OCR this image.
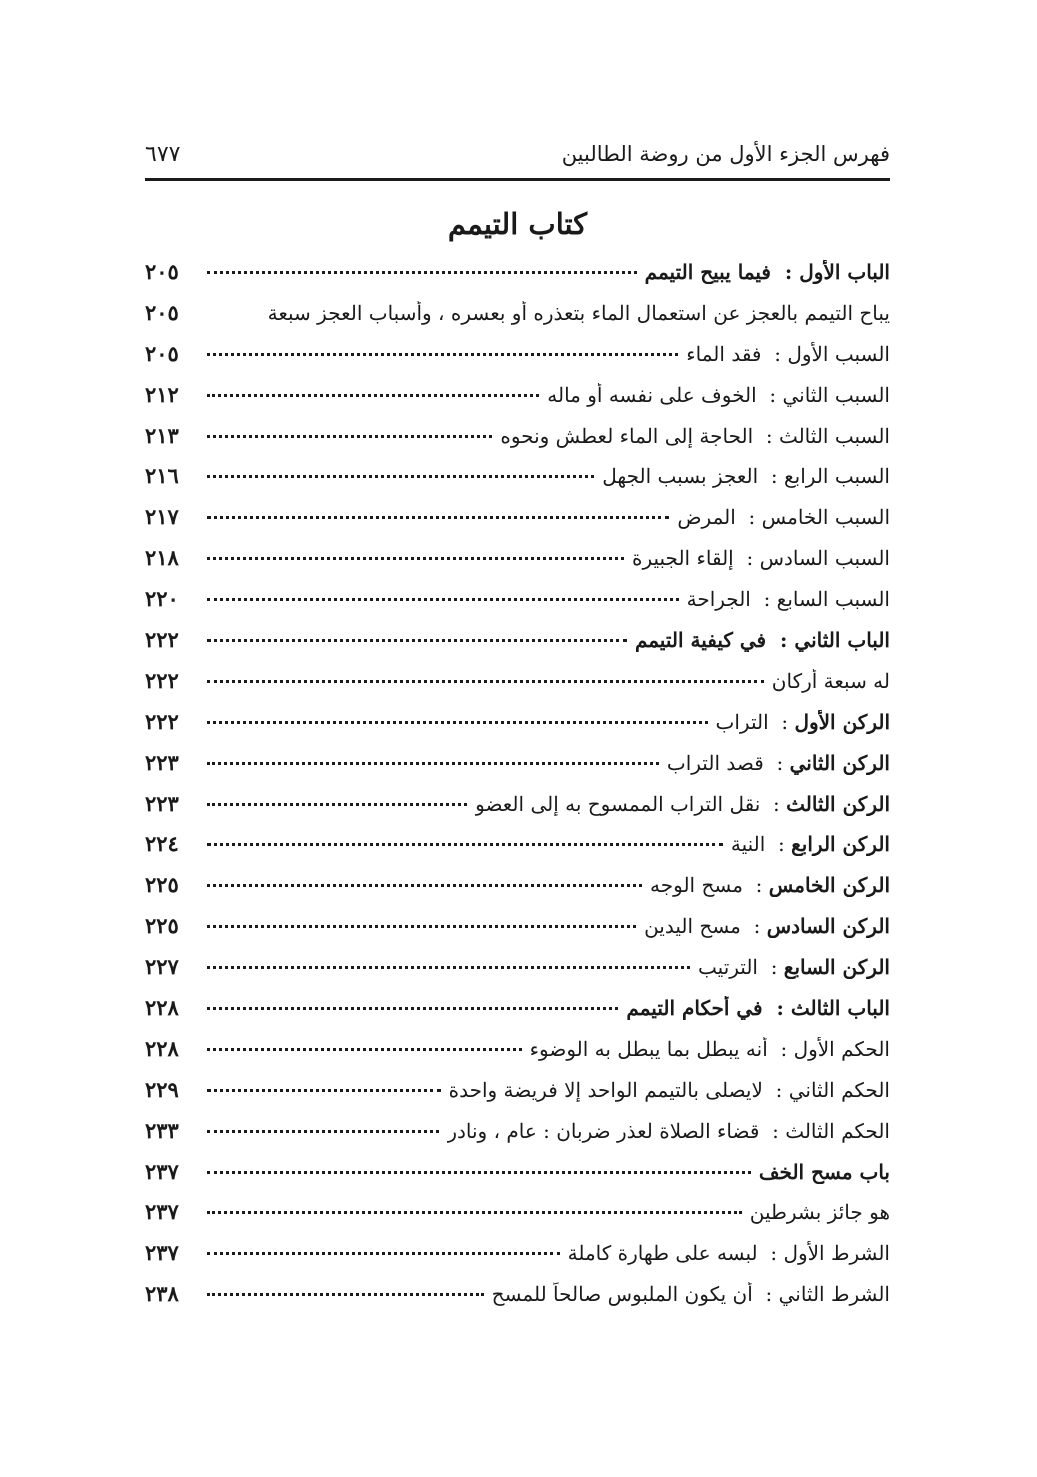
فهرس الجزء الأول من روضة الطالبين
٦٧٧
كتاب التيمم
الباب الأول :  فيما يبيح التيمم
٢٠٥
يباح التيمم بالعجز عن استعمال الماء بتعذره أو بعسره ، وأسباب العجز سبعة
٢٠٥
السبب الأول :  فقد الماء
٢٠٥
السبب الثاني :  الخوف على نفسه أو ماله
٢١٢
السبب الثالث :  الحاجة إلى الماء لعطش ونحوه
٢١٣
السبب الرابع :  العجز بسبب الجهل
٢١٦
السبب الخامس :  المرض
٢١٧
السبب السادس :  إلقاء الجبيرة
٢١٨
السبب السابع :  الجراحة
٢٢٠
الباب الثاني :  في كيفية التيمم
٢٢٢
له سبعة أركان
٢٢٢
الركن الأول :  التراب
٢٢٢
الركن الثاني :  قصد التراب
٢٢٣
الركن الثالث :  نقل التراب الممسوح به إلى العضو
٢٢٣
الركن الرابع :  النية
٢٢٤
الركن الخامس :  مسح الوجه
٢٢٥
الركن السادس :  مسح اليدين
٢٢٥
الركن السابع :  الترتيب
٢٢٧
الباب الثالث :  في أحكام التيمم
٢٢٨
الحكم الأول :  أنه يبطل بما يبطل به الوضوء
٢٢٨
الحكم الثاني :  لايصلى بالتيمم الواحد إلا فريضة واحدة
٢٢٩
الحكم الثالث :  قضاء الصلاة لعذر ضربان : عام ، ونادر
٢٣٣
باب مسح الخف
٢٣٧
هو جائز بشرطين
٢٣٧
الشرط الأول :  لبسه على طهارة كاملة
٢٣٧
الشرط الثاني :  أن يكون الملبوس صالحاً للمسح
٢٣٨
